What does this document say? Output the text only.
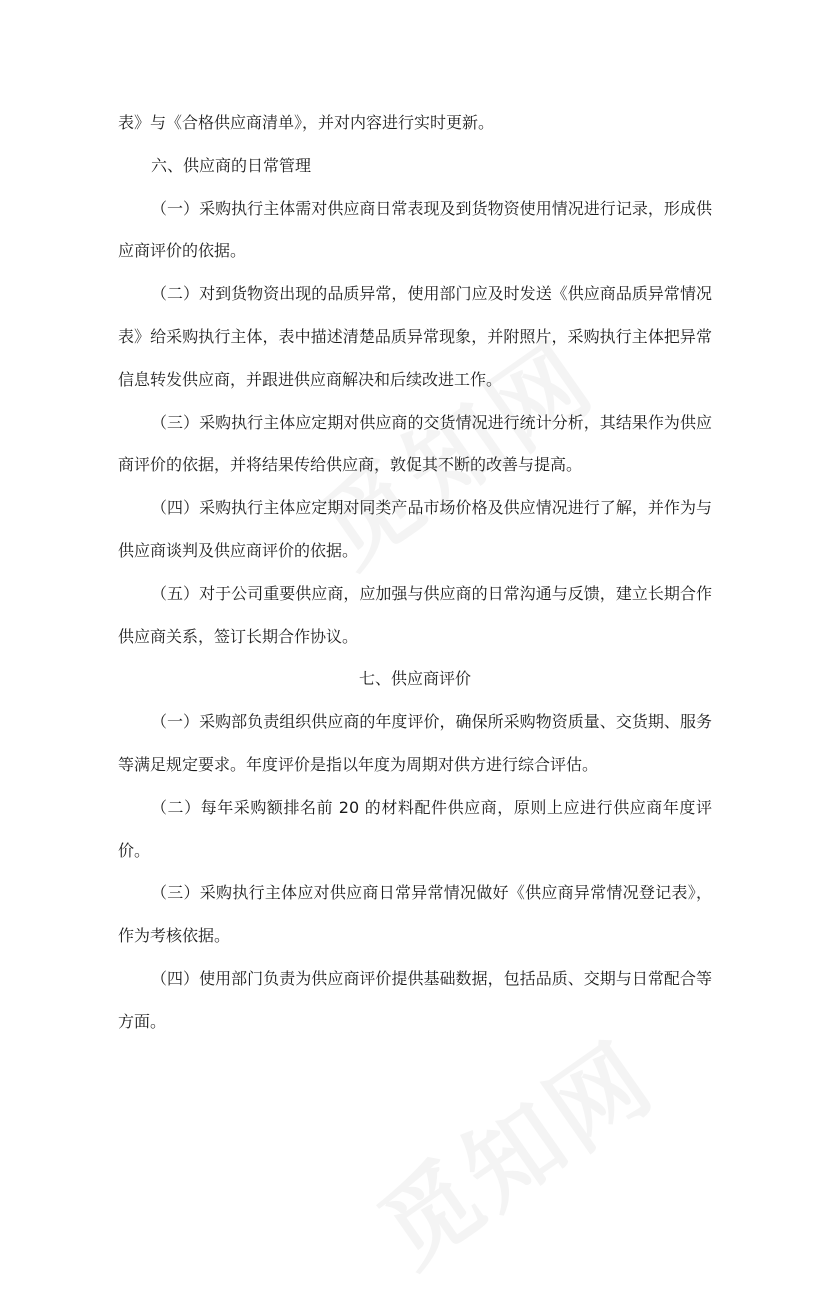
表》与《合格供应商清单》，并对内容进行实时更新。

六、供应商的日常管理

（一）采购执行主体需对供应商日常表现及到货物资使用情况进行记录，形成供应商评价的依据。

（二）对到货物资出现的品质异常，使用部门应及时发送《供应商品质异常情况表》给采购执行主体，表中描述清楚品质异常现象，并附照片，采购执行主体把异常信息转发供应商，并跟进供应商解决和后续改进工作。

（三）采购执行主体应定期对供应商的交货情况进行统计分析，其结果作为供应商评价的依据，并将结果传给供应商，敦促其不断的改善与提高。

（四）采购执行主体应定期对同类产品市场价格及供应情况进行了解，并作为与供应商谈判及供应商评价的依据。

（五）对于公司重要供应商，应加强与供应商的日常沟通与反馈，建立长期合作供应商关系，签订长期合作协议。

七、供应商评价

（一）采购部负责组织供应商的年度评价，确保所采购物资质量、交货期、服务等满足规定要求。年度评价是指以年度为周期对供方进行综合评估。

（二）每年采购额排名前 20 的材料配件供应商，原则上应进行供应商年度评价。

（三）采购执行主体应对供应商日常异常情况做好《供应商异常情况登记表》，作为考核依据。

（四）使用部门负责为供应商评价提供基础数据，包括品质、交期与日常配合等方面。
